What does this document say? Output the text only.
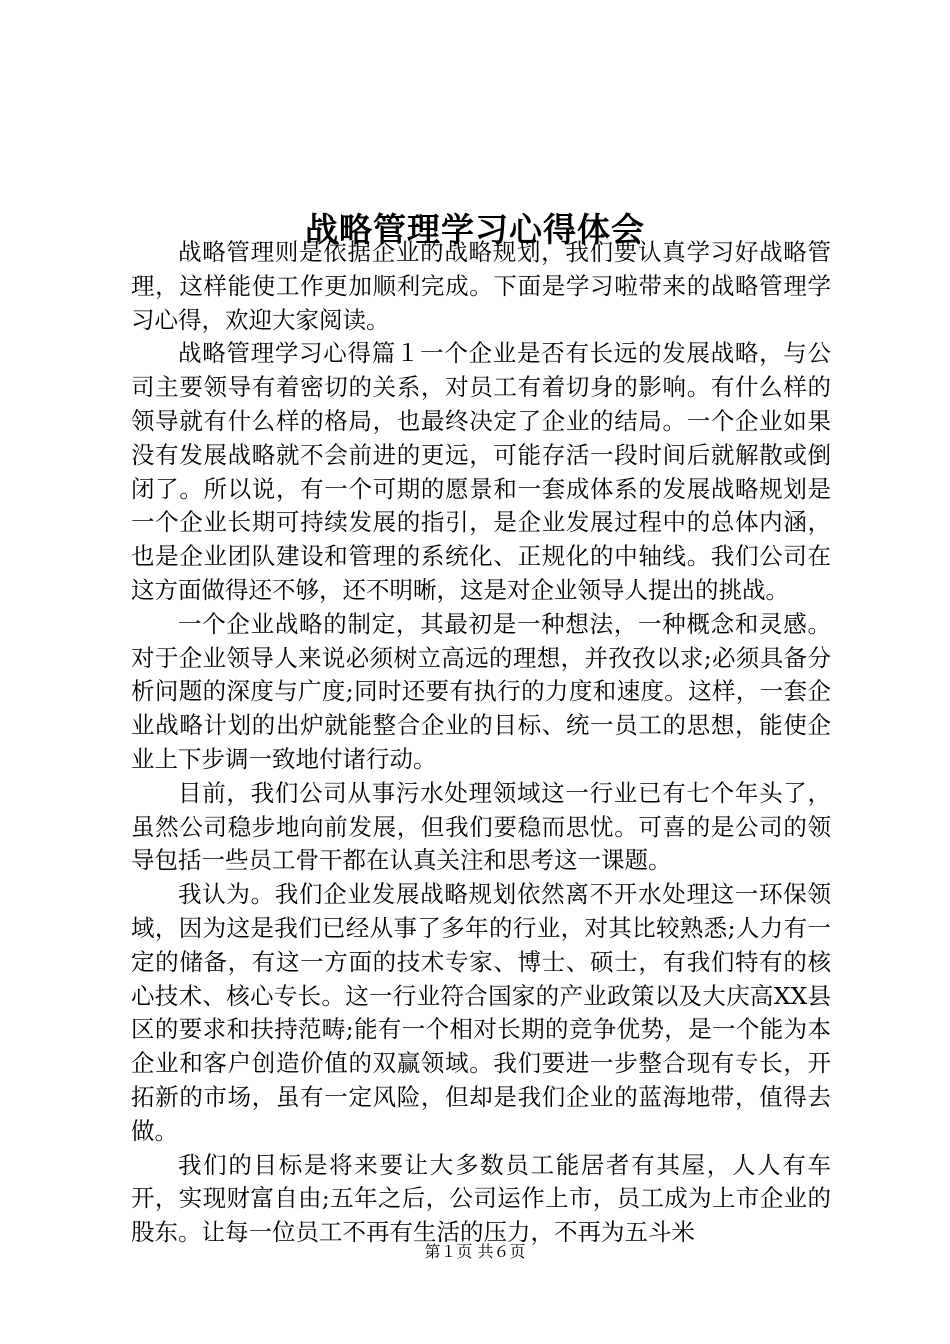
战略管理学习心得体会

战略管理则是依据企业的战略规划，我们要认真学习好战略管理，这样能使工作更加顺利完成。下面是学习啦带来的战略管理学习心得，欢迎大家阅读。

战略管理学习心得篇１一个企业是否有长远的发展战略，与公司主要领导有着密切的关系，对员工有着切身的影响。有什么样的领导就有什么样的格局，也最终决定了企业的结局。一个企业如果没有发展战略就不会前进的更远，可能存活一段时间后就解散或倒闭了。所以说，有一个可期的愿景和一套成体系的发展战略规划是一个企业长期可持续发展的指引，是企业发展过程中的总体内涵，也是企业团队建设和管理的系统化、正规化的中轴线。我们公司在这方面做得还不够，还不明晰，这是对企业领导人提出的挑战。

一个企业战略的制定，其最初是一种想法，一种概念和灵感。对于企业领导人来说必须树立高远的理想，并孜孜以求;必须具备分析问题的深度与广度;同时还要有执行的力度和速度。这样，一套企业战略计划的出炉就能整合企业的目标、统一员工的思想，能使企业上下步调一致地付诸行动。

目前，我们公司从事污水处理领域这一行业已有七个年头了，虽然公司稳步地向前发展，但我们要稳而思忧。可喜的是公司的领导包括一些员工骨干都在认真关注和思考这一课题。

我认为。我们企业发展战略规划依然离不开水处理这一环保领域，因为这是我们已经从事了多年的行业，对其比较熟悉;人力有一定的储备，有这一方面的技术专家、博士、硕士，有我们特有的核心技术、核心专长。这一行业符合国家的产业政策以及大庆高XX县区的要求和扶持范畴;能有一个相对长期的竞争优势，是一个能为本企业和客户创造价值的双赢领域。我们要进一步整合现有专长，开拓新的市场，虽有一定风险，但却是我们企业的蓝海地带，值得去做。

我们的目标是将来要让大多数员工能居者有其屋，人人有车开，实现财富自由;五年之后，公司运作上市，员工成为上市企业的股东。让每一位员工不再有生活的压力，不再为五斗米

第１页 共６页
